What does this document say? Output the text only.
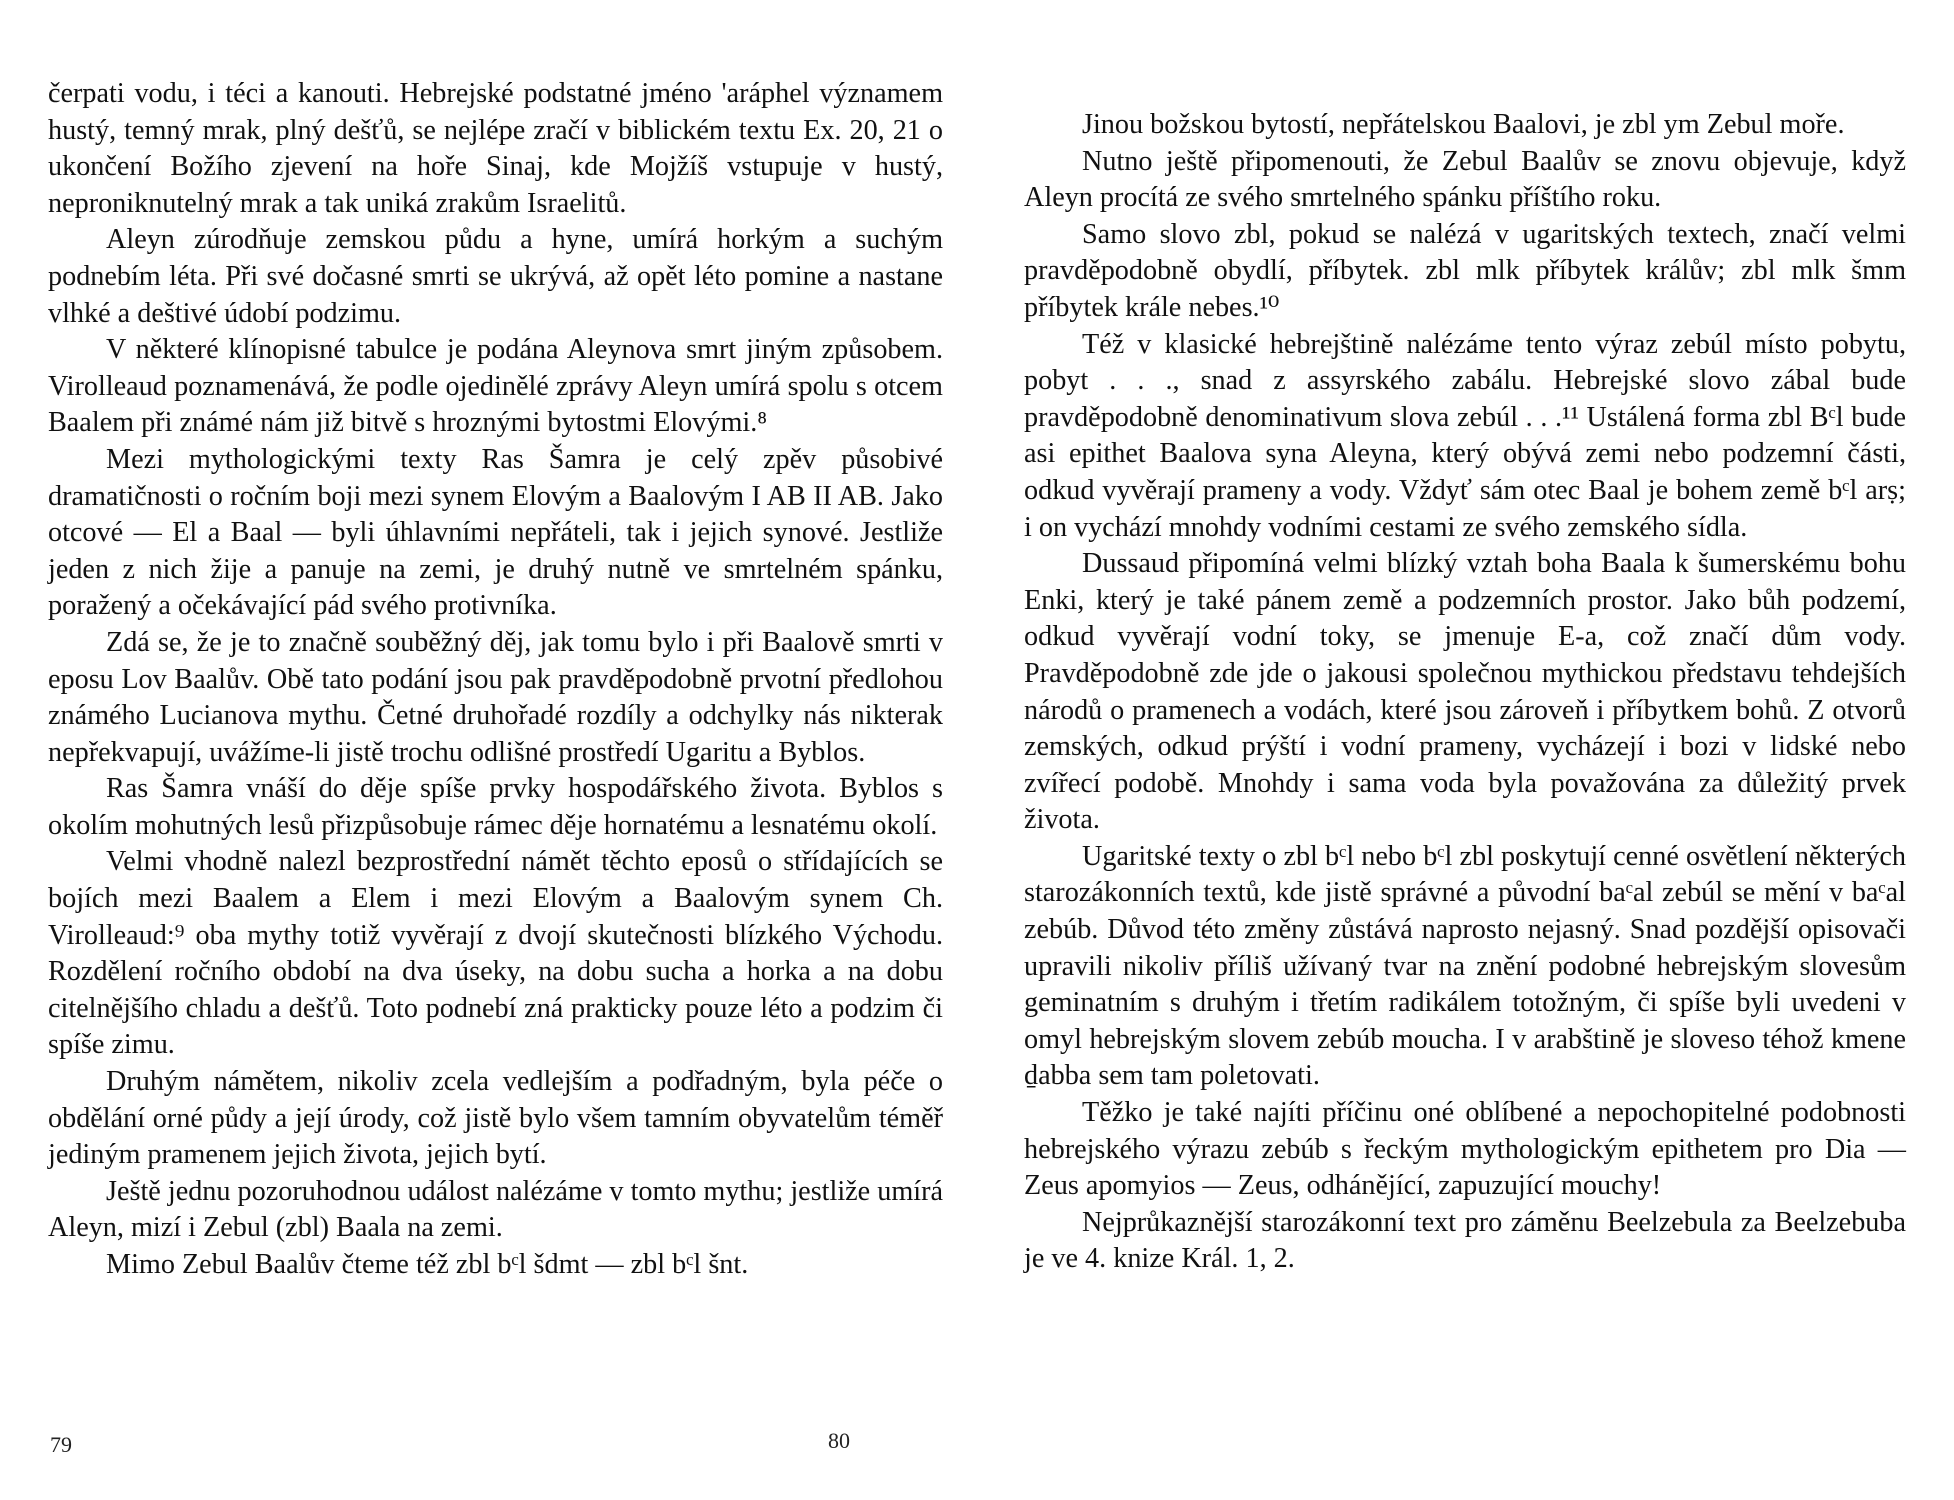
čerpati vodu, i téci a kanouti. Hebrejské podstatné jméno 'aráphel významem hustý, temný mrak, plný dešťů, se nejlépe zračí v biblickém textu Ex. 20, 21 o ukončení Božího zjevení na hoře Sinaj, kde Mojžíš vstupuje v hustý, neproniknutelný mrak a tak uniká zrakům Israelitů.

Aleyn zúrodňuje zemskou půdu a hyne, umírá horkým a suchým podnebím léta. Při své dočasné smrti se ukrývá, až opět léto pomine a nastane vlhké a deštivé údobí podzimu.

V některé klínopisné tabulce je podána Aleynova smrt jiným způsobem. Virolleaud poznamenává, že podle ojedinělé zprávy Aleyn umírá spolu s otcem Baalem při známé nám již bitvě s hroznými bytostmi Elovými.⁸

Mezi mythologickými texty Ras Šamra je celý zpěv působivé dramatičnosti o ročním boji mezi synem Elovým a Baalovým I AB II AB. Jako otcové — El a Baal — byli úhlavními nepřáteli, tak i jejich synové. Jestliže jeden z nich žije a panuje na zemi, je druhý nutně ve smrtelném spánku, poražený a očekávající pád svého protivníka.

Zdá se, že je to značně souběžný děj, jak tomu bylo i při Baalově smrti v eposu Lov Baalův. Obě tato podání jsou pak pravděpodobně prvotní předlohou známého Lucianova mythu. Četné druhořadé rozdíly a odchylky nás nikterak nepřekvapují, uvážíme-li jistě trochu odlišné prostředí Ugaritu a Byblos.

Ras Šamra vnáší do děje spíše prvky hospodářského života. Byblos s okolím mohutných lesů přizpůsobuje rámec děje hornatému a lesnatému okolí.

Velmi vhodně nalezl bezprostřední námět těchto eposů o střídajících se bojích mezi Baalem a Elem i mezi Elovým a Baalovým synem Ch. Virolleaud:⁹ oba mythy totiž vyvěrají z dvojí skutečnosti blízkého Východu. Rozdělení ročního období na dva úseky, na dobu sucha a horka a na dobu citelnějšího chladu a dešťů. Toto podnebí zná prakticky pouze léto a podzim či spíše zimu.

Druhým námětem, nikoliv zcela vedlejším a podřadným, byla péče o obdělání orné půdy a její úrody, což jistě bylo všem tamním obyvatelům téměř jediným pramenem jejich života, jejich bytí.

Ještě jednu pozoruhodnou událost nalézáme v tomto mythu; jestliže umírá Aleyn, mizí i Zebul (zbl) Baala na zemi.

Mimo Zebul Baalův čteme též zbl bᶜl šdmt — zbl bᶜl šnt.

79

Jinou božskou bytostí, nepřátelskou Baalovi, je zbl ym Zebul moře.

Nutno ještě připomenouti, že Zebul Baalův se znovu objevuje, když Aleyn procítá ze svého smrtelného spánku příštího roku.

Samo slovo zbl, pokud se nalézá v ugaritských textech, značí velmi pravděpodobně obydlí, příbytek. zbl mlk příbytek králův; zbl mlk šmm příbytek krále nebes.¹⁰

Též v klasické hebrejštině nalézáme tento výraz zebúl místo pobytu, pobyt . . ., snad z assyrského zabálu. Hebrejské slovo zábal bude pravděpodobně denominativum slova zebúl . . .¹¹ Ustálená forma zbl Bᶜl bude asi epithet Baalova syna Aleyna, který obývá zemi nebo podzemní části, odkud vyvěrají prameny a vody. Vždyť sám otec Baal je bohem země bᶜl arṣ; i on vychází mnohdy vodními cestami ze svého zemského sídla.

Dussaud připomíná velmi blízký vztah boha Baala k šumerskému bohu Enki, který je také pánem země a podzemních prostor. Jako bůh podzemí, odkud vyvěrají vodní toky, se jmenuje E-a, což značí dům vody. Pravděpodobně zde jde o jakousi společnou mythickou představu tehdejších národů o pramenech a vodách, které jsou zároveň i příbytkem bohů. Z otvorů zemských, odkud prýští i vodní prameny, vycházejí i bozi v lidské nebo zvířecí podobě. Mnohdy i sama voda byla považována za důležitý prvek života.

Ugaritské texty o zbl bᶜl nebo bᶜl zbl poskytují cenné osvětlení některých starozákonních textů, kde jistě správné a původní baᶜal zebúl se mění v baᶜal zebúb. Důvod této změny zůstává naprosto nejasný. Snad pozdější opisovači upravili nikoliv příliš užívaný tvar na znění podobné hebrejským slovesům geminatním s druhým i třetím radikálem totožným, či spíše byli uvedeni v omyl hebrejským slovem zebúb moucha. I v arabštině je sloveso téhož kmene ḏabba sem tam poletovati.

Těžko je také najíti příčinu oné oblíbené a nepochopitelné podobnosti hebrejského výrazu zebúb s řeckým mythologickým epithetem pro Dia — Zeus apomyios — Zeus, odhánějící, zapuzující mouchy!

Nejprůkaznější starozákonní text pro záměnu Beelzebula za Beelzebuba je ve 4. knize Král. 1, 2.

80
